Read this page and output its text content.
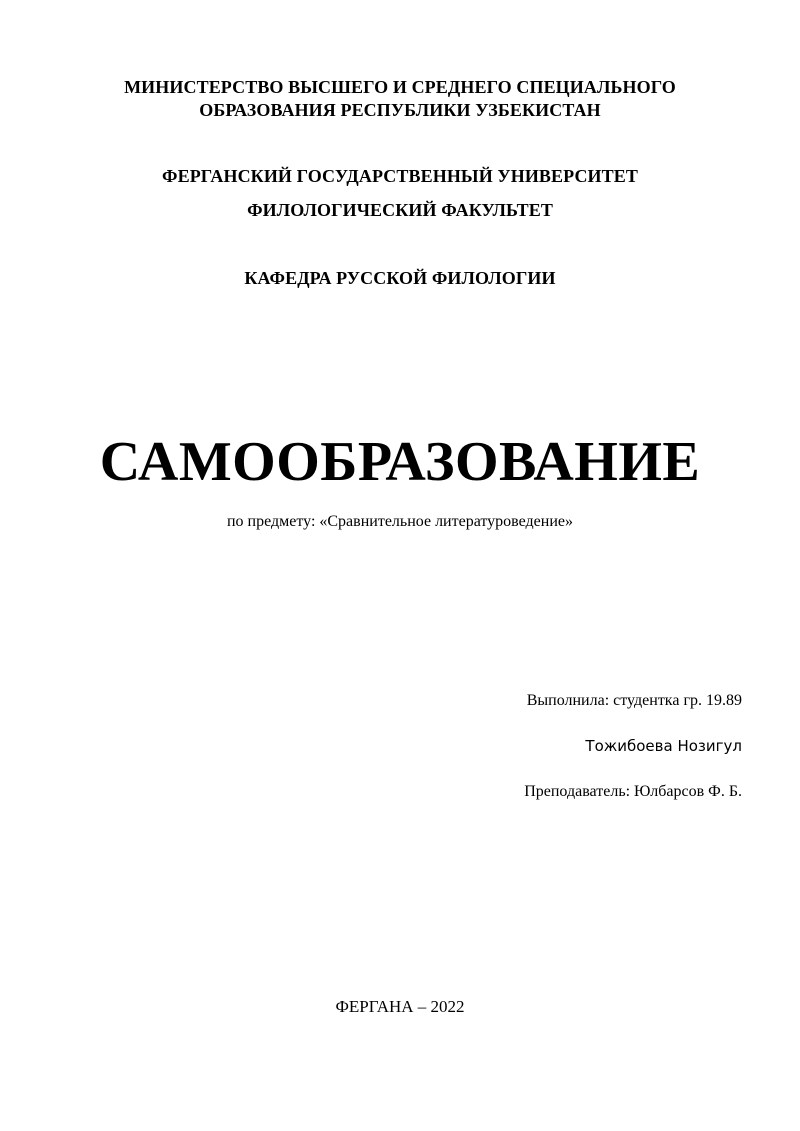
МИНИСТЕРСТВО ВЫСШЕГО И СРЕДНЕГО СПЕЦИАЛЬНОГО
ОБРАЗОВАНИЯ РЕСПУБЛИКИ УЗБЕКИСТАН
ФЕРГАНСКИЙ ГОСУДАРСТВЕННЫЙ УНИВЕРСИТЕТ
ФИЛОЛОГИЧЕСКИЙ ФАКУЛЬТЕТ
КАФЕДРА РУССКОЙ ФИЛОЛОГИИ
САМООБРАЗОВАНИЕ
по предмету: «Сравнительное литературоведение»
Выполнила: студентка гр. 19.89
Тожибоева Нозигул
Преподаватель: Юлбарсов Ф. Б.
ФЕРГАНА – 2022
